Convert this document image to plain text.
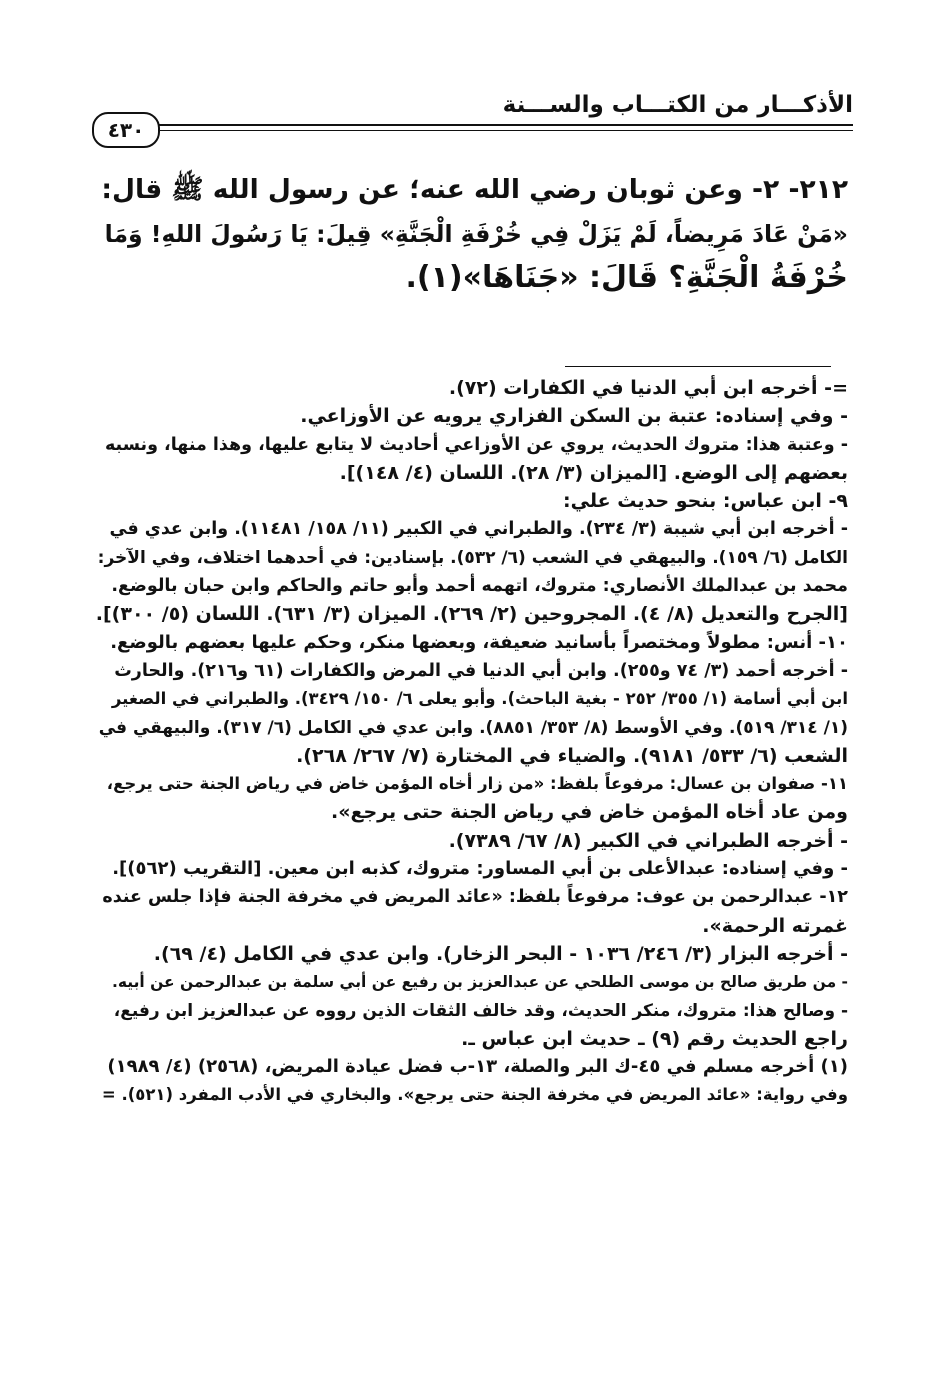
الأذكـــار من الكتـــاب والســـنة
٤٣٠
٢١٢- ٢- وعن ثوبان رضي الله عنه؛ عن رسول الله ﷺ قال:
«مَنْ عَادَ مَرِيضاً، لَمْ يَزَلْ فِي خُرْفَةِ الْجَنَّةِ» قِيلَ: يَا رَسُولَ اللهِ! وَمَا
خُرْفَةُ الْجَنَّةِ؟ قَالَ: «جَنَاهَا»(١).
=- أخرجه ابن أبي الدنيا في الكفارات (٧٢).
- وفي إسناده: عتبة بن السكن الفزاري يرويه عن الأوزاعي.
- وعتبة هذا: متروك الحديث، يروي عن الأوزاعي أحاديث لا يتابع عليها، وهذا منها، ونسبه
بعضهم إلى الوضع. [الميزان (٣/ ٢٨). اللسان (٤/ ١٤٨)].
٩- ابن عباس: بنحو حديث علي:
- أخرجه ابن أبي شيبة (٣/ ٢٣٤). والطبراني في الكبير (١١/ ١٥٨/ ١١٤٨١). وابن عدي في
الكامل (٦/ ١٥٩). والبيهقي في الشعب (٦/ ٥٣٢). بإسنادين: في أحدهما اختلاف، وفي الآخر:
محمد بن عبدالملك الأنصاري: متروك، اتهمه أحمد وأبو حاتم والحاكم وابن حبان بالوضع.
[الجرح والتعديل (٨/ ٤). المجروحين (٢/ ٢٦٩). الميزان (٣/ ٦٣١). اللسان (٥/ ٣٠٠)].
١٠- أنس: مطولاً ومختصراً بأسانيد ضعيفة، وبعضها منكر، وحكم عليها بعضهم بالوضع.
- أخرجه أحمد (٣/ ٧٤ و٢٥٥). وابن أبي الدنيا في المرض والكفارات (٦١ و٢١٦). والحارث
ابن أبي أسامة (١/ ٣٥٥/ ٢٥٢ - بغية الباحث). وأبو يعلى ٦/ ١٥٠/ ٣٤٢٩). والطبراني في الصغير
(١/ ٣١٤/ ٥١٩). وفي الأوسط (٨/ ٣٥٣/ ٨٨٥١). وابن عدي في الكامل (٦/ ٣١٧). والبيهقي في
الشعب (٦/ ٥٣٣/ ٩١٨١). والضياء في المختارة (٧/ ٢٦٧/ ٢٦٨).
١١- صفوان بن عسال: مرفوعاً بلفظ: «من زار أخاه المؤمن خاض في رياض الجنة حتى يرجع،
ومن عاد أخاه المؤمن خاض في رياض الجنة حتى يرجع».
- أخرجه الطبراني في الكبير (٨/ ٦٧/ ٧٣٨٩).
- وفي إسناده: عبدالأعلى بن أبي المساور: متروك، كذبه ابن معين. [التقريب (٥٦٢)].
١٢- عبدالرحمن بن عوف: مرفوعاً بلفظ: «عائد المريض في مخرفة الجنة فإذا جلس عنده
غمرته الرحمة».
- أخرجه البزار (٣/ ٢٤٦/ ١٠٣٦ - البحر الزخار). وابن عدي في الكامل (٤/ ٦٩).
- من طريق صالح بن موسى الطلحي عن عبدالعزيز بن رفيع عن أبي سلمة بن عبدالرحمن عن أبيه.
- وصالح هذا: متروك، منكر الحديث، وقد خالف الثقات الذين رووه عن عبدالعزيز ابن رفيع،
راجع الحديث رقم (٩) ـ حديث ابن عباس ـ.
(١) أخرجه مسلم في ٤٥-ك البر والصلة، ١٣-ب فضل عيادة المريض، (٢٥٦٨) (٤/ ١٩٨٩)
وفي رواية: «عائد المريض في مخرفة الجنة حتى يرجع». والبخاري في الأدب المفرد (٥٢١). =
